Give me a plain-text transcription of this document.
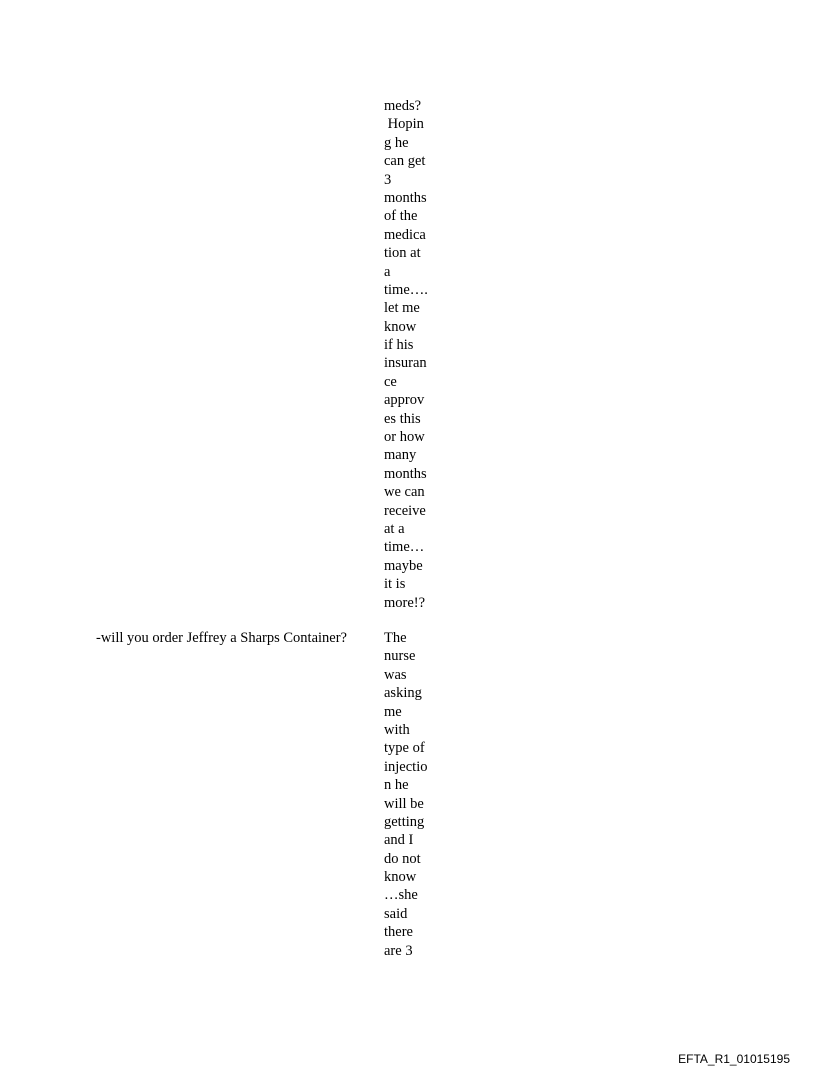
meds?
Hopin
g he
can get
3
months
of the
medica
tion at
a
time….
let me
know
if his
insuran
ce
approv
es this
or how
many
months
we can
receive
at a
time…
maybe
it is
more!?
-will you order Jeffrey a Sharps Container?	The
nurse
was
asking
me
with
type of
injectio
n he
will be
getting
and I
do not
know
…she
said
there
are 3
EFTA_R1_01015195
